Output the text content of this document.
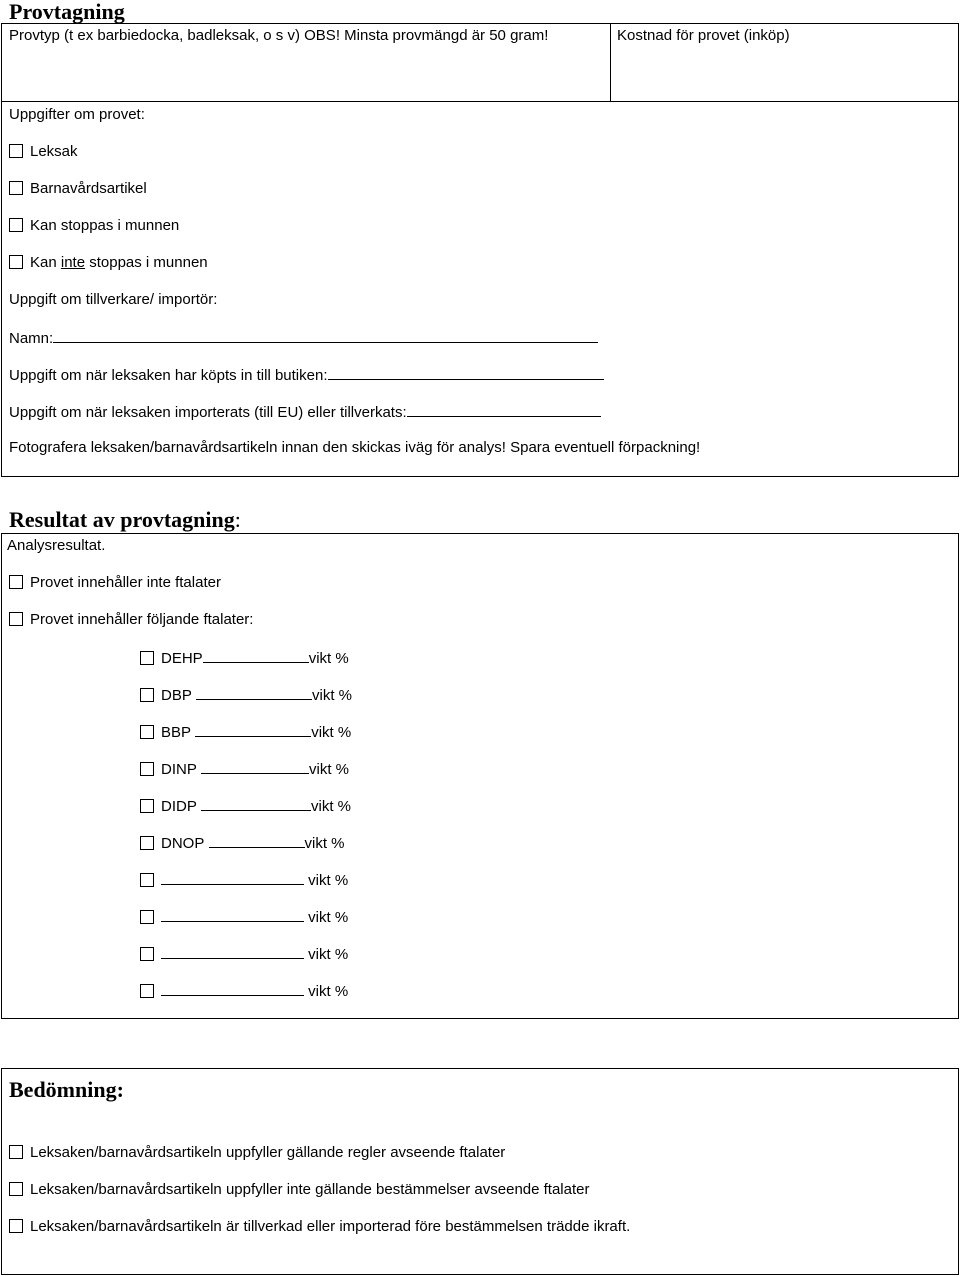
Provtagning
Provtyp (t ex barbiedocka, badleksak, o s v) OBS! Minsta provmängd är 50 gram!	Kostnad för provet (inköp)
Uppgifter om provet:
Leksak
Barnavårdsartikel
Kan stoppas i munnen
Kan inte stoppas i munnen
Uppgift om tillverkare/ importör:
Namn:
Uppgift om när leksaken har köpts in till butiken:
Uppgift om när leksaken importerats (till EU) eller tillverkats:
Fotografera leksaken/barnavårdsartikeln innan den skickas iväg för analys! Spara eventuell förpackning!
Resultat av provtagning:
Analysresultat.
Provet innehåller inte ftalater
Provet innehåller följande ftalater:
DEHP	vikt %
DBP	vikt %
BBP	vikt %
DINP	vikt %
DIDP	vikt %
DNOP	vikt %
vikt %
vikt %
vikt %
vikt %
Bedömning:
Leksaken/barnavårdsartikeln uppfyller gällande regler avseende ftalater
Leksaken/barnavårdsartikeln uppfyller inte gällande bestämmelser avseende ftalater
Leksaken/barnavårdsartikeln är tillverkad eller importerad före bestämmelsen trädde ikraft.
